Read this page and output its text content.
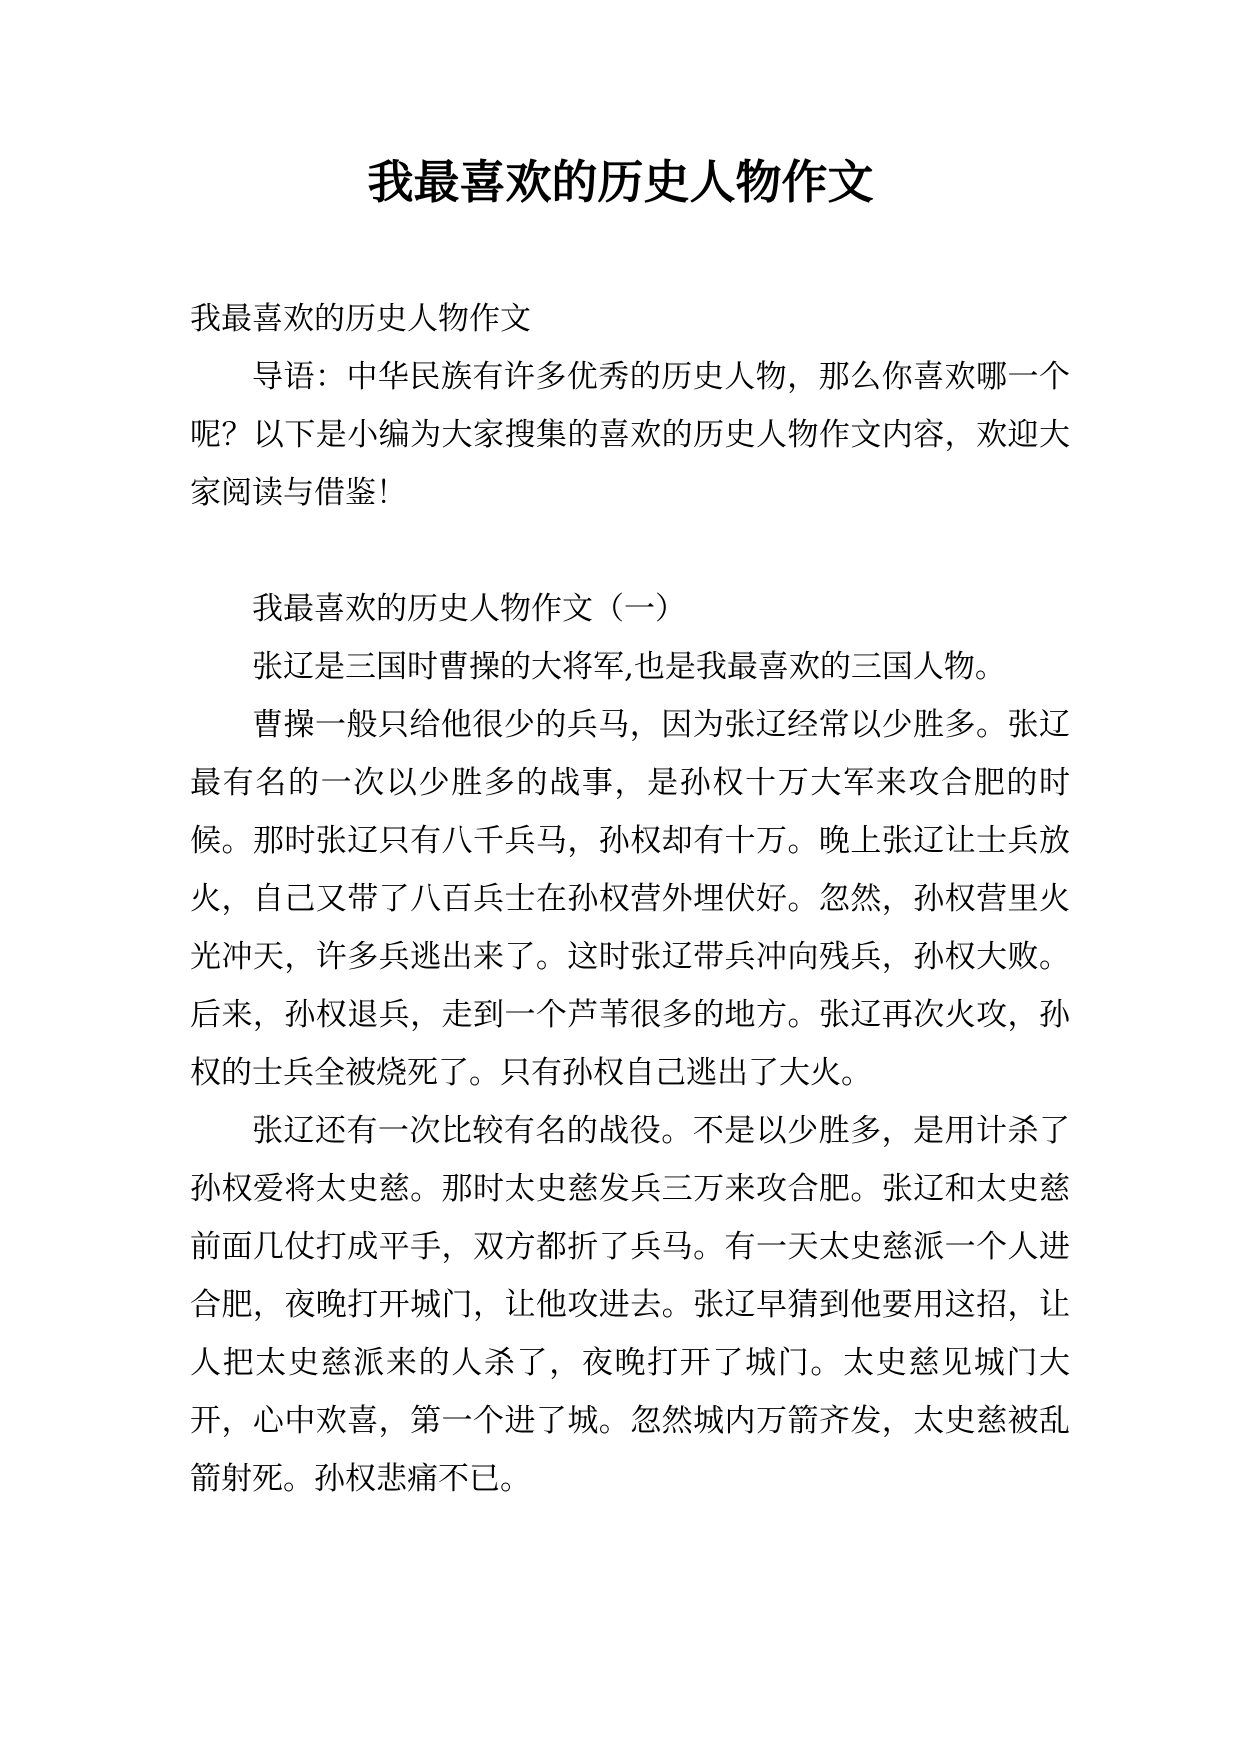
我最喜欢的历史人物作文

我最喜欢的历史人物作文

导语：中华民族有许多优秀的历史人物，那么你喜欢哪一个呢？以下是小编为大家搜集的喜欢的历史人物作文内容，欢迎大家阅读与借鉴！

我最喜欢的历史人物作文（一）

张辽是三国时曹操的大将军,也是我最喜欢的三国人物。

曹操一般只给他很少的兵马，因为张辽经常以少胜多。张辽最有名的一次以少胜多的战事，是孙权十万大军来攻合肥的时候。那时张辽只有八千兵马，孙权却有十万。晚上张辽让士兵放火，自己又带了八百兵士在孙权营外埋伏好。忽然，孙权营里火光冲天，许多兵逃出来了。这时张辽带兵冲向残兵，孙权大败。后来，孙权退兵，走到一个芦苇很多的地方。张辽再次火攻，孙权的士兵全被烧死了。只有孙权自己逃出了大火。

张辽还有一次比较有名的战役。不是以少胜多，是用计杀了孙权爱将太史慈。那时太史慈发兵三万来攻合肥。张辽和太史慈前面几仗打成平手，双方都折了兵马。有一天太史慈派一个人进合肥，夜晚打开城门，让他攻进去。张辽早猜到他要用这招，让人把太史慈派来的人杀了，夜晚打开了城门。太史慈见城门大开，心中欢喜，第一个进了城。忽然城内万箭齐发，太史慈被乱箭射死。孙权悲痛不已。
